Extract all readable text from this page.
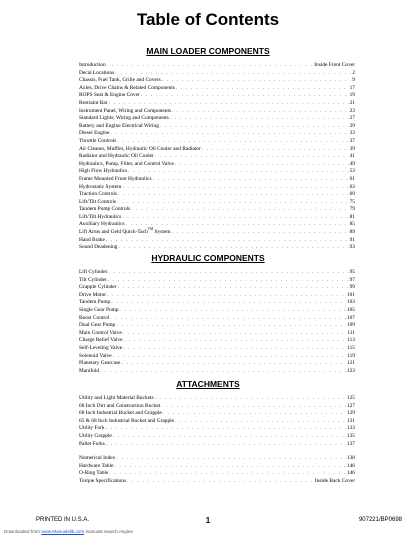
Table of Contents
MAIN LOADER COMPONENTS
Introduction . . .	Inside Front Cover
Decal Locations . . .	2
Chassis, Fuel Tank, Grille and Covers . . .	9
Axles, Drive Chains & Related Components . . .	17
ROPS Seat & Engine Cover . . .	19
Restraint Bar . . .	21
Instrument Panel, Wiring and Components . . .	23
Standard Lights, Wiring and Components . . .	27
Battery and Engine Electrical Wiring . . .	29
Diesel Engine . . .	33
Throttle Controls . . .	37
Air Cleaner, Muffler, Hydraulic Oil Cooler and Radiator . . .	39
Radiator and Hydraulic Oil Cooler . . .	41
Hydraulics, Pump, Filter, and Control Valve . . .	49
High Flow Hydraulics . . .	53
Frame Mounted Front Hydraulics . . .	61
Hydrostatic System . . .	63
Traction Controls . . .	69
Lift/Tilt Controls . . .	75
Tandem Pump Controls . . .	79
Lift/Tilt Hydraulics . . .	81
Auxiliary Hydraulics . . .	85
Lift Arms and Gehl Quick-Tach™ System . . .	89
Hand Brake . . .	91
Sound Deadening . . .	93
HYDRAULIC COMPONENTS
Lift Cylinder . . .	95
Tilt Cylinder . . .	97
Grapple Cylinder . . .	99
Drive Motor . . .	101
Tandem Pump . . .	103
Single Gear Pump . . .	105
Boost Control . . .	107
Dual Gear Pump . . .	109
Main Control Valve . . .	111
Charge Relief Valve . . .	113
Self-Leveling Valve . . .	115
Solenoid Valve . . .	119
Planetary Gearcase . . .	121
Manifold . . .	123
ATTACHMENTS
Utility and Light Material Buckets . . .	125
68 Inch Dirt and Construction Bucket . . .	127
68 Inch Industrial Bucket and Grapple . . .	129
65 & 68 Inch Industrial Bucket and Grapple . . .	131
Utility Fork . . .	133
Utility Grapple . . .	135
Pallet Forks . . .	137
Numerical Index . . .	138
Hardware Table . . .	146
O-Ring Table . . .	146
Torque Specifications . . .	Inside Back Cover
PRINTED IN U.S.A.	1	907221/BP0698
Downloaded from www.Manualslib.com manuals search engine
